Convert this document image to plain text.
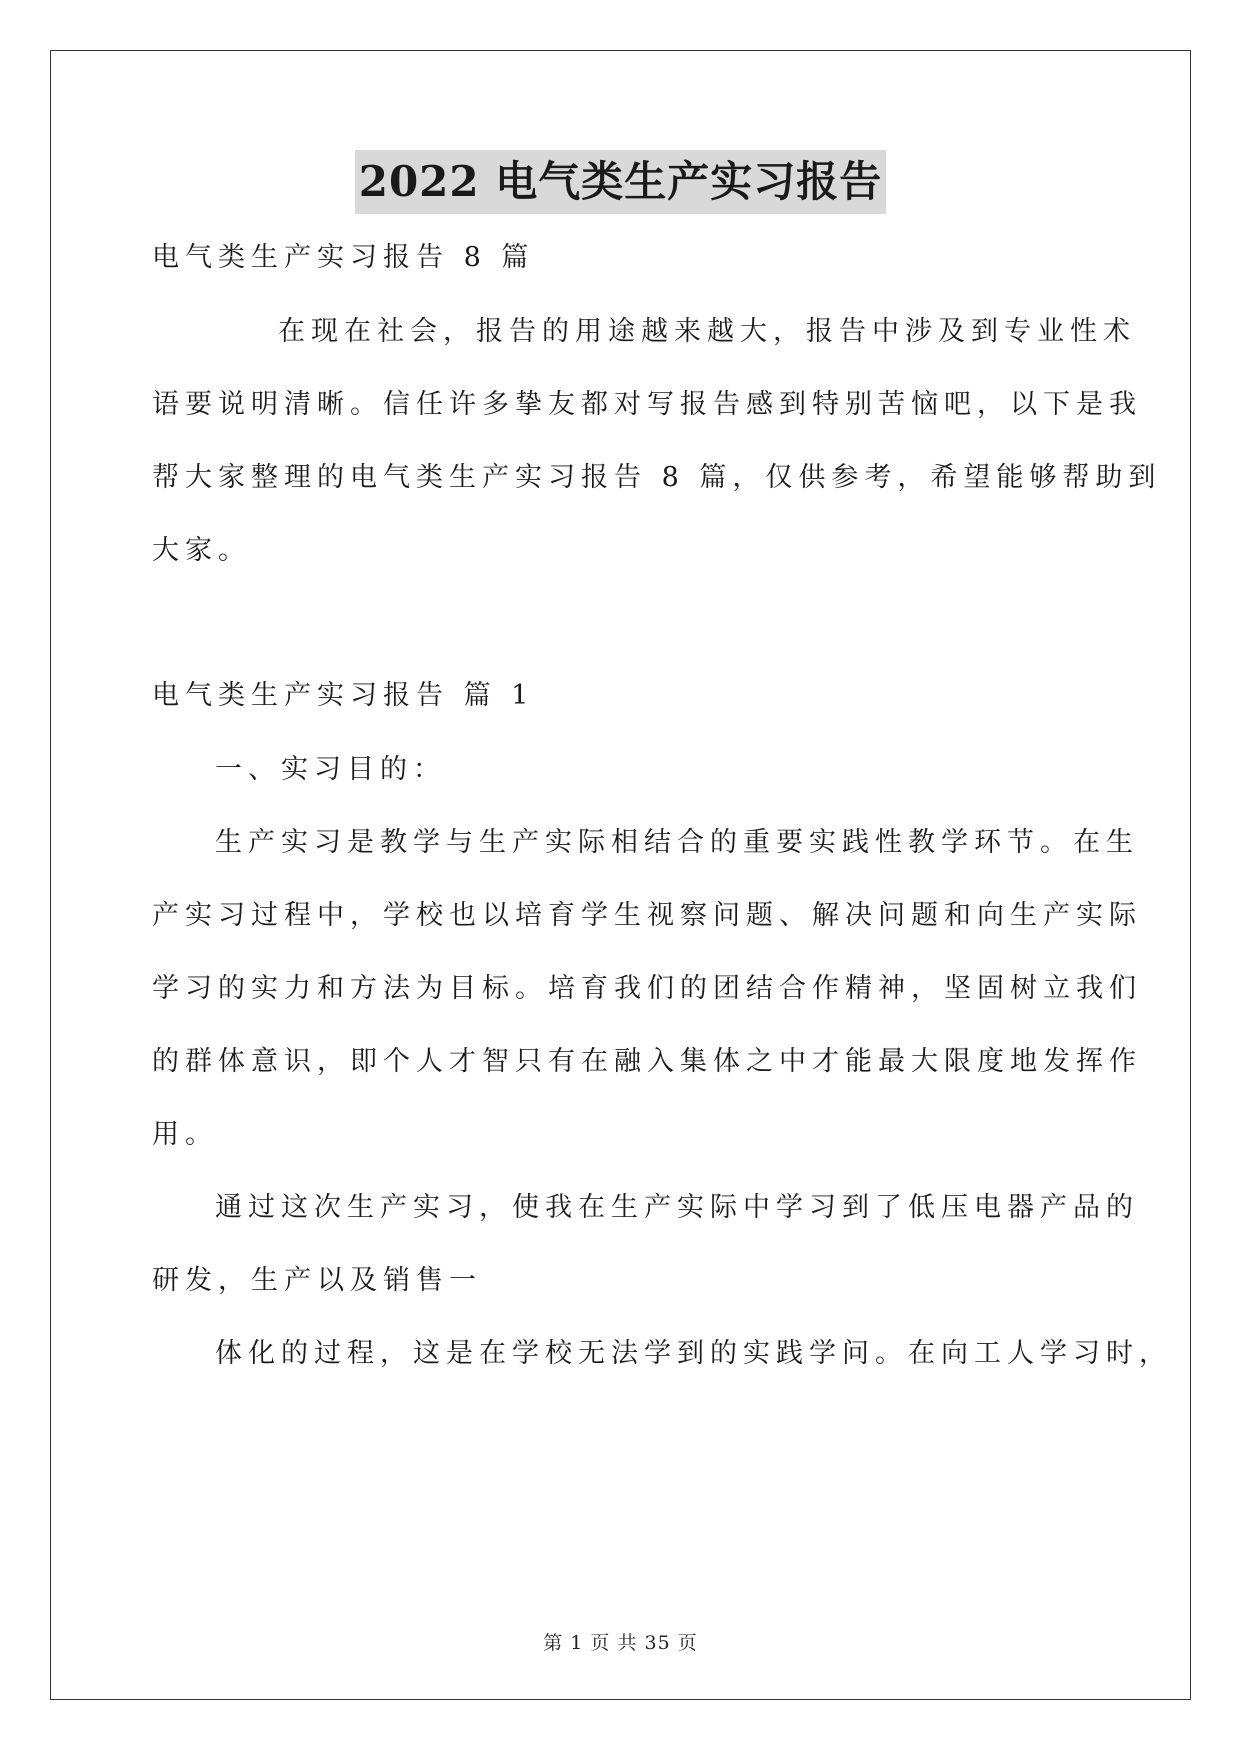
2022 电气类生产实习报告
电气类生产实习报告 8 篇
在现在社会，报告的用途越来越大，报告中涉及到专业性术
语要说明清晰。信任许多挚友都对写报告感到特别苦恼吧，以下是我
帮大家整理的电气类生产实习报告 8 篇，仅供参考，希望能够帮助到
大家。
电气类生产实习报告 篇 1
一、实习目的：
生产实习是教学与生产实际相结合的重要实践性教学环节。在生
产实习过程中，学校也以培育学生视察问题、解决问题和向生产实际
学习的实力和方法为目标。培育我们的团结合作精神，坚固树立我们
的群体意识，即个人才智只有在融入集体之中才能最大限度地发挥作
用。
通过这次生产实习，使我在生产实际中学习到了低压电器产品的
研发，生产以及销售一
体化的过程，这是在学校无法学到的实践学问。在向工人学习时，
第 1 页 共 35 页
